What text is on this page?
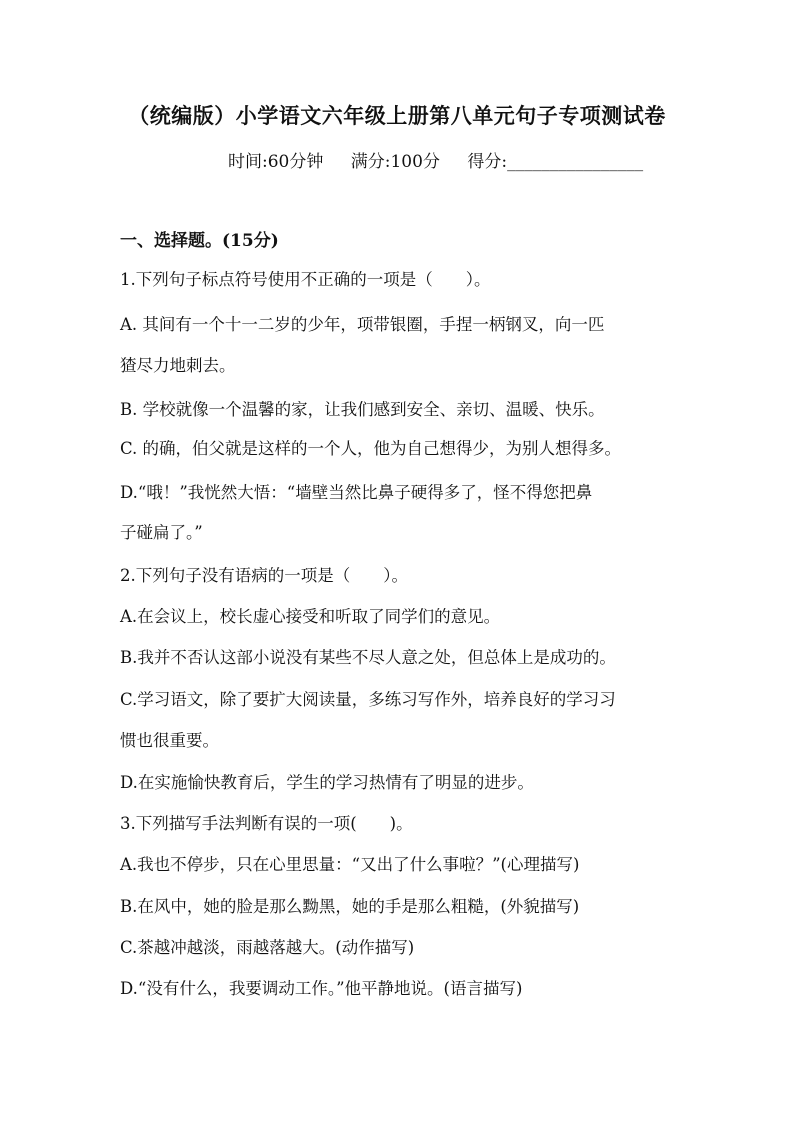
（统编版）小学语文六年级上册第八单元句子专项测试卷
时间:60分钟 满分:100分 得分:________________
一、选择题。(15分)
1.下列句子标点符号使用不正确的一项是（　　）。
A. 其间有一个十一二岁的少年，项带银圈，手捏一柄钢叉，向一匹
猹尽力地刺去。
B. 学校就像一个温馨的家，让我们感到安全、亲切、温暖、快乐。
C. 的确，伯父就是这样的一个人，他为自己想得少，为别人想得多。
D.“哦！”我恍然大悟：“墙壁当然比鼻子硬得多了，怪不得您把鼻
子碰扁了。”
2.下列句子没有语病的一项是（　　）。
A.在会议上，校长虚心接受和听取了同学们的意见。
B.我并不否认这部小说没有某些不尽人意之处，但总体上是成功的。
C.学习语文，除了要扩大阅读量，多练习写作外，培养良好的学习习
惯也很重要。
D.在实施愉快教育后，学生的学习热情有了明显的进步。
3.下列描写手法判断有误的一项(　　)。
A.我也不停步，只在心里思量：“又出了什么事啦？”(心理描写)
B.在风中，她的脸是那么黝黑，她的手是那么粗糙，(外貌描写)
C.茶越冲越淡，雨越落越大。(动作描写)
D.“没有什么，我要调动工作。”他平静地说。(语言描写)
